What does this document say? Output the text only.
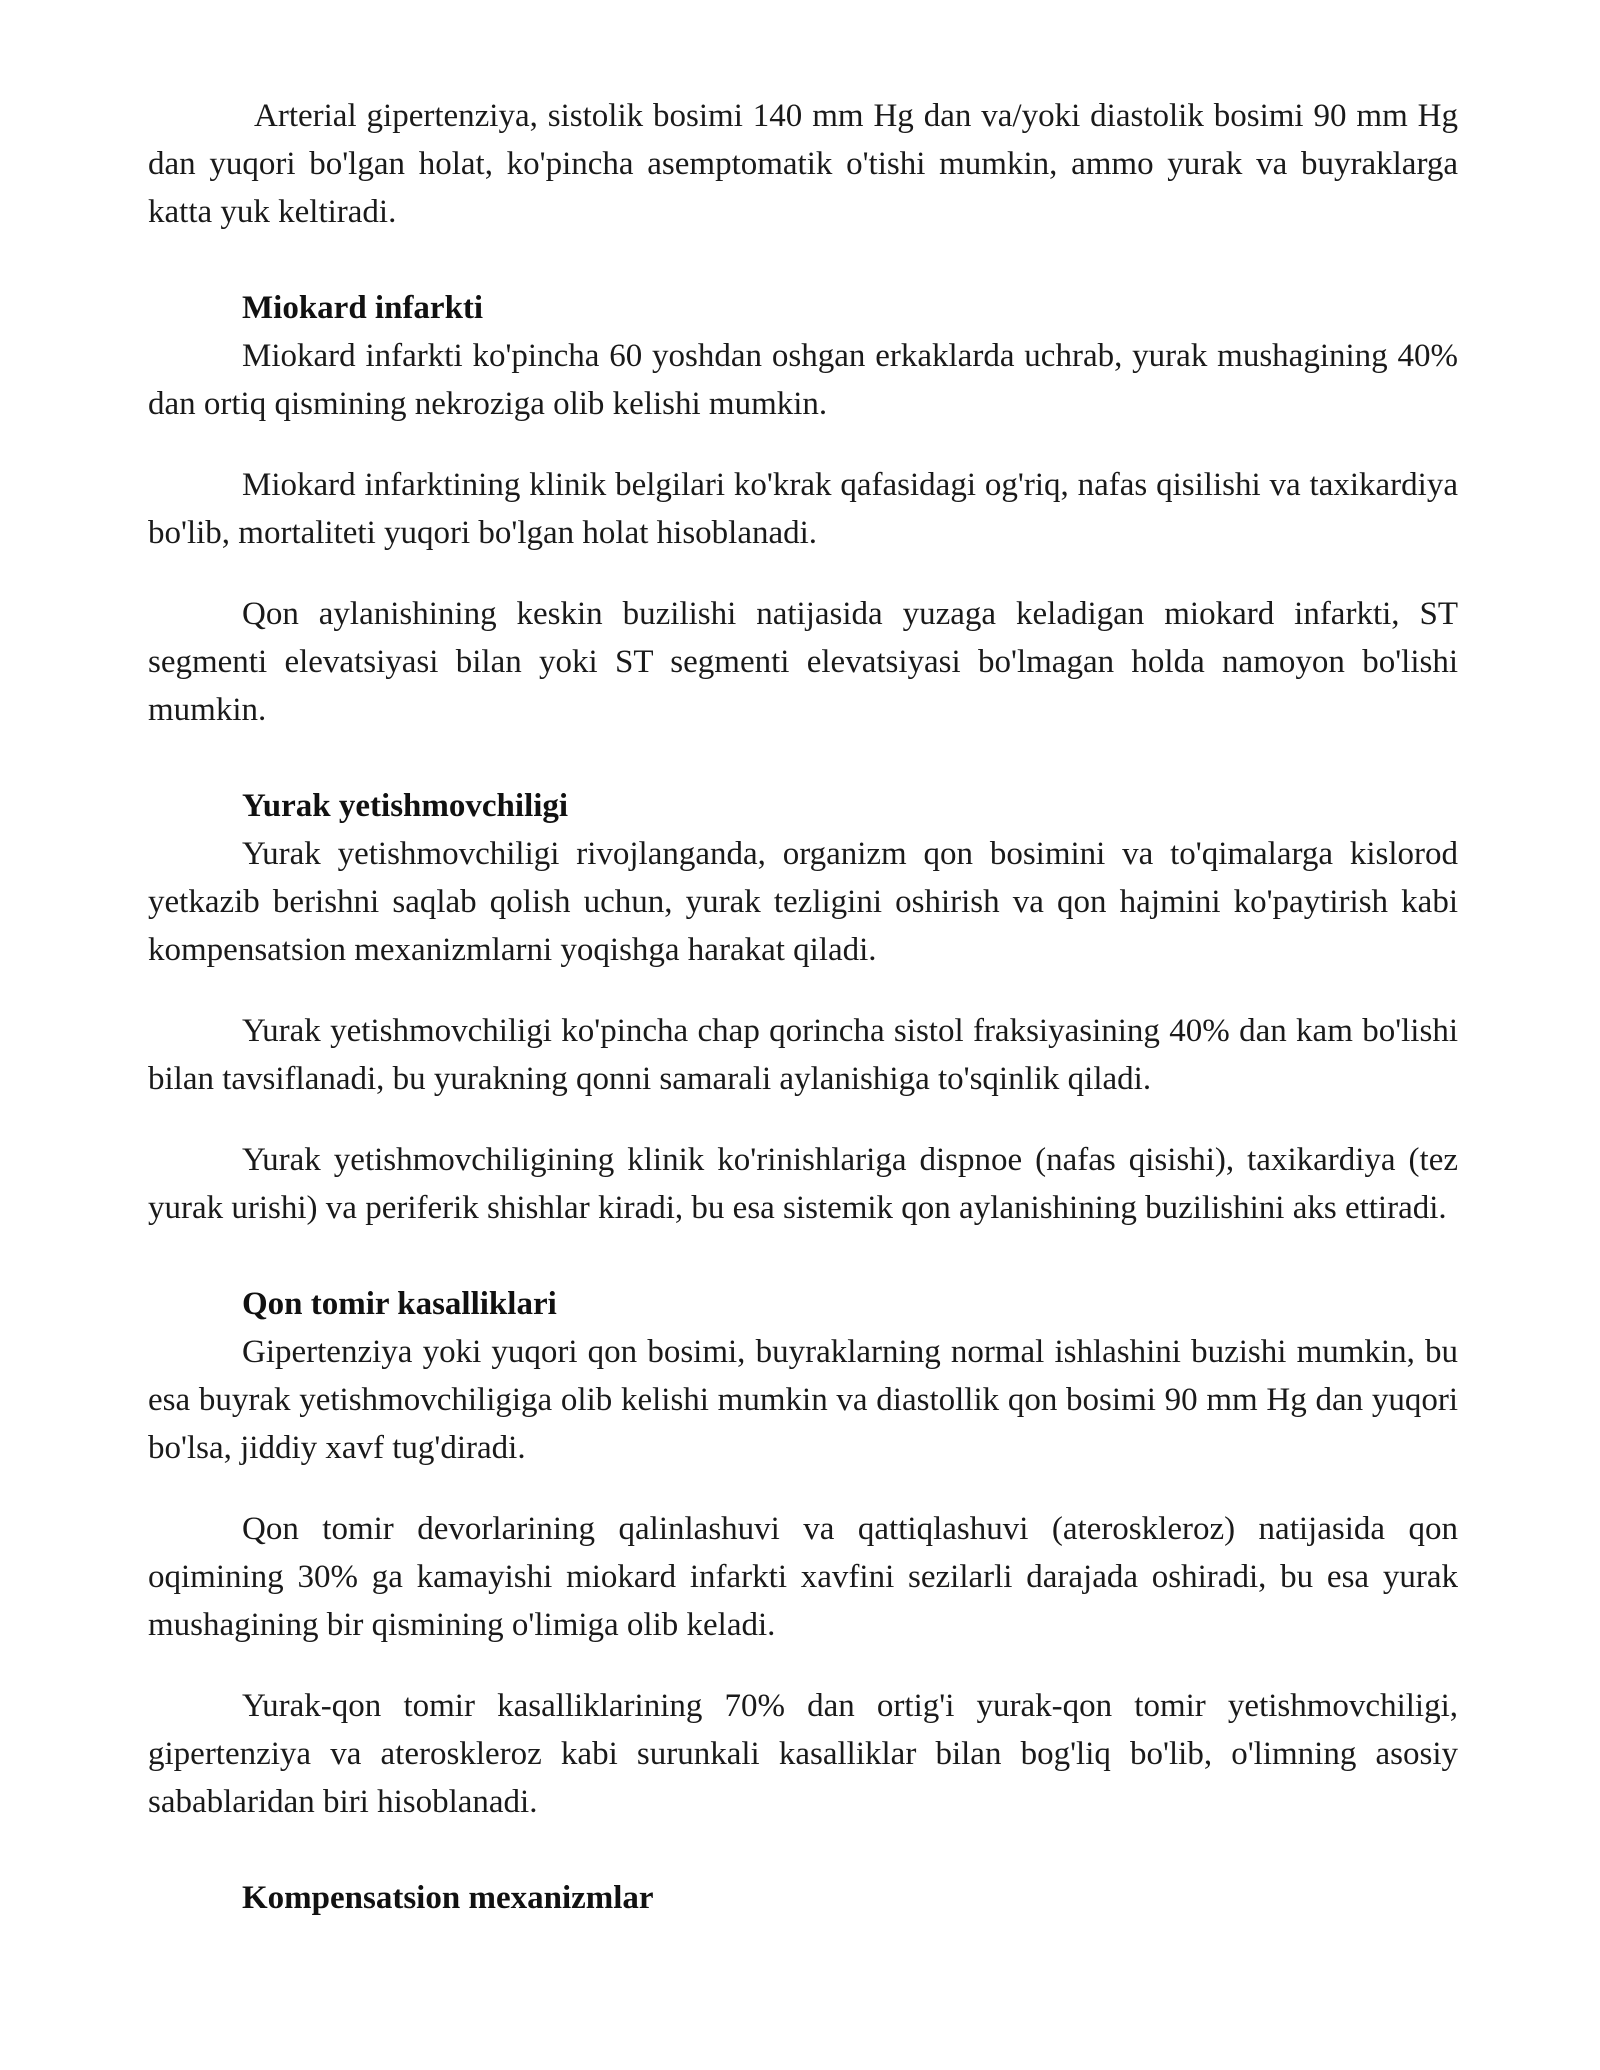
Arterial gipertenziya, sistolik bosimi 140 mm Hg dan va/yoki diastolik bosimi 90 mm Hg dan yuqori bo'lgan holat, ko'pincha asemptomatik o'tishi mumkin, ammo yurak va buyraklarga katta yuk keltiradi.

Miokard infarkti

Miokard infarkti ko'pincha 60 yoshdan oshgan erkaklarda uchrab, yurak mushagining 40% dan ortiq qismining nekroziga olib kelishi mumkin.

Miokard infarktining klinik belgilari ko'krak qafasidagi og'riq, nafas qisilishi va taxikardiya bo'lib, mortaliteti yuqori bo'lgan holat hisoblanadi.

Qon aylanishining keskin buzilishi natijasida yuzaga keladigan miokard infarkti, ST segmenti elevatsiyasi bilan yoki ST segmenti elevatsiyasi bo'lmagan holda namoyon bo'lishi mumkin.

Yurak yetishmovchiligi

Yurak yetishmovchiligi rivojlanganda, organizm qon bosimini va to'qimalarga kislorod yetkazib berishni saqlab qolish uchun, yurak tezligini oshirish va qon hajmini ko'paytirish kabi kompensatsion mexanizmlarni yoqishga harakat qiladi.

Yurak yetishmovchiligi ko'pincha chap qorincha sistol fraksiyasining 40% dan kam bo'lishi bilan tavsiflanadi, bu yurakning qonni samarali aylanishiga to'sqinlik qiladi.

Yurak yetishmovchiligining klinik ko'rinishlariga dispnoe (nafas qisishi), taxikardiya (tez yurak urishi) va periferik shishlar kiradi, bu esa sistemik qon aylanishining buzilishini aks ettiradi.

Qon tomir kasalliklari

Gipertenziya yoki yuqori qon bosimi, buyraklarning normal ishlashini buzishi mumkin, bu esa buyrak yetishmovchiligiga olib kelishi mumkin va diastollik qon bosimi 90 mm Hg dan yuqori bo'lsa, jiddiy xavf tug'diradi.

Qon tomir devorlarining qalinlashuvi va qattiqlashuvi (ateroskleroz) natijasida qon oqimining 30% ga kamayishi miokard infarkti xavfini sezilarli darajada oshiradi, bu esa yurak mushagining bir qismining o'limiga olib keladi.

Yurak-qon tomir kasalliklarining 70% dan ortig'i yurak-qon tomir yetishmovchiligi, gipertenziya va ateroskleroz kabi surunkali kasalliklar bilan bog'liq bo'lib, o'limning asosiy sabablaridan biri hisoblanadi.

Kompensatsion mexanizmlar
